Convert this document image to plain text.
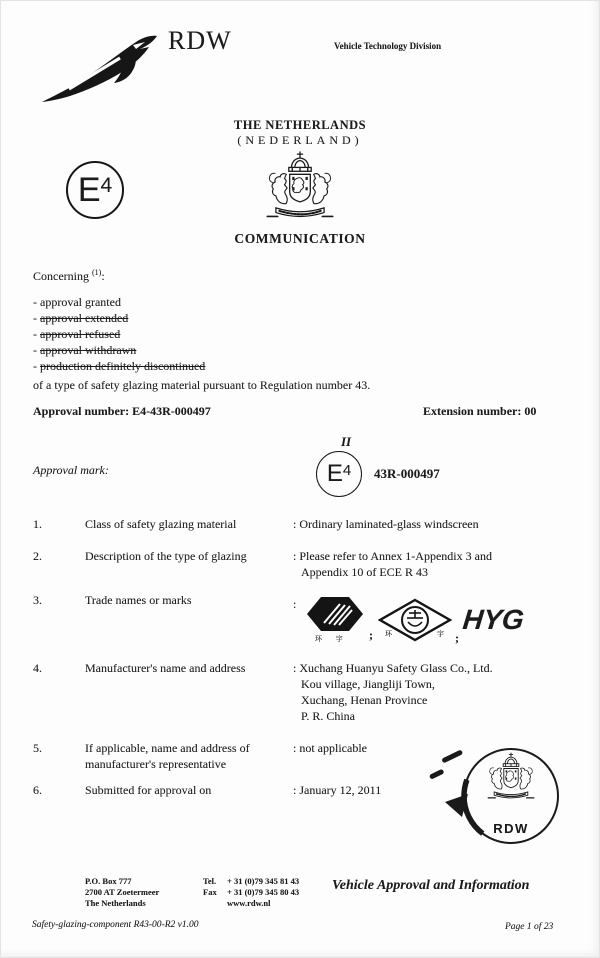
RDW	Vehicle Technology Division
THE NETHERLANDS
(NEDERLAND)
E 4
COMMUNICATION
Concerning $^{(1)}$:
- approval granted
- approval extended
- approval refused
- approval withdrawn
- production definitely discontinued
of a type of safety glazing material pursuant to Regulation number 43.
Approval number: E4-43R-000497	Extension number: 00
Approval mark:
II
E 4 43R-000497
1.	Class of safety glazing material	: Ordinary laminated-glass windscreen
2.	Description of the type of glazing	: Please refer to Annex 1-Appendix 3 and
Appendix 10 of ECE R 43
3.	Trade names or marks	:
环 宇 ; 环	宇 ;
HYG
4.	Manufacturer's name and address	: Xuchang Huanyu Safety Glass Co., Ltd.
Kou village, Jiangliji Town,
Xuchang, Henan Province
P. R. China
5.	If applicable, name and address of
manufacturer's representative
: not applicable
6.	Submitted for approval on	: January 12, 2011
RDW
P.O. Box 777
2700 AT Zoetermeer
The Netherlands
Tel. + 31 (0)79 345 81 43
Fax + 31 (0)79 345 80 43
www.rdw.nl
Vehicle Approval and Information
Safety-glazing-component R43-00-R2 v1.00	Page 1 of 23
